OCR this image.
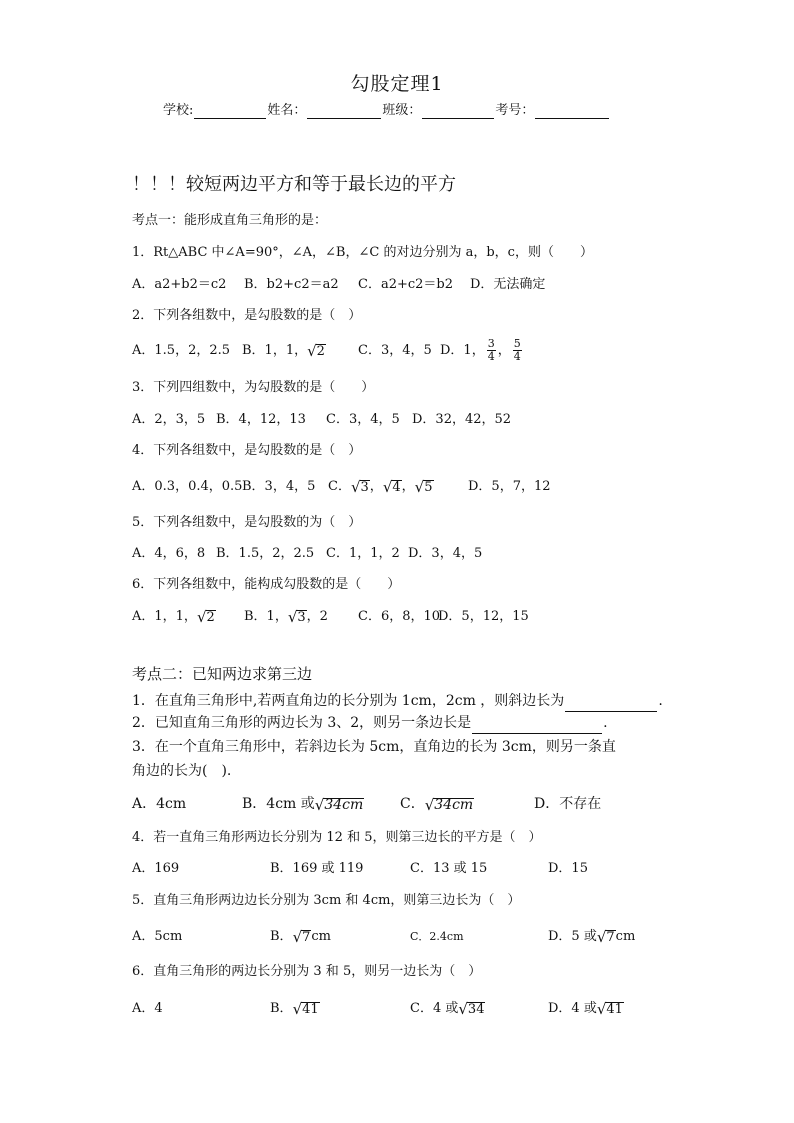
勾股定理1
学校:	姓名：	班级：	考号：
！！！较短两边平方和等于最长边的平方
考点一：能形成直角三角形的是：
1．Rt△ABC 中∠A=90°，∠A，∠B，∠C 的对边分别为 a，b，c，则（　　）
A．a2+b2＝c2 B．b2+c2＝a2 C．a2+c2＝b2 D．无法确定
2．下列各组数中，是勾股数的是（　）
A．1.5，2，2.5 B．1，1， √ 2	C．3，4，5 D．1， $\frac{3}{4}$ ， $\frac{5}{4}$
3．下列四组数中，为勾股数的是（　　）
A．2，3，5 B．4，12，13 C．3，4，5 D．32，42，52
4．下列各组数中，是勾股数的是（　）
A．0.3，0.4，0.5 B．3，4，5 C． √ 3 ， √ 4 ， √ 5	D．5，7，12
5．下列各组数中，是勾股数的为（　）
A．4，6，8 B．1.5，2，2.5 C．1，1，2 D．3，4，5
6．下列各组数中，能构成勾股数的是（　　）
A．1，1， √ 2 B．1， √ 3 ，2 C．6，8，10
D．5，12，15
考点二：已知两边求第三边
1．在直角三角形中,若两直角边的长分别为 1cm，2cm ，则斜边长为	.
2．已知直角三角形的两边长为 3、2，则另一条边长是	.
3．在一个直角三角形中，若斜边长为 5cm，直角边的长为 3cm，则另一条直
角边的长为(　).
A．4cm	B．4cm 或 √ 34cm	C． √ 34cm	D．不存在
4．若一直角三角形两边长分别为 12 和 5，则第三边长的平方是（　）
A．169	B．169 或 119	C．13 或 15	D．15
5．直角三角形两边边长分别为 3cm 和 4cm，则第三边长为（　）
A．5cm	B． √ 7 cm	C．2.4cm	D．5 或 √ 7 cm
6．直角三角形的两边长分别为 3 和 5，则另一边长为（　）
A．4	B． √ 41	C．4 或 √ 34	D．4 或 √ 41
